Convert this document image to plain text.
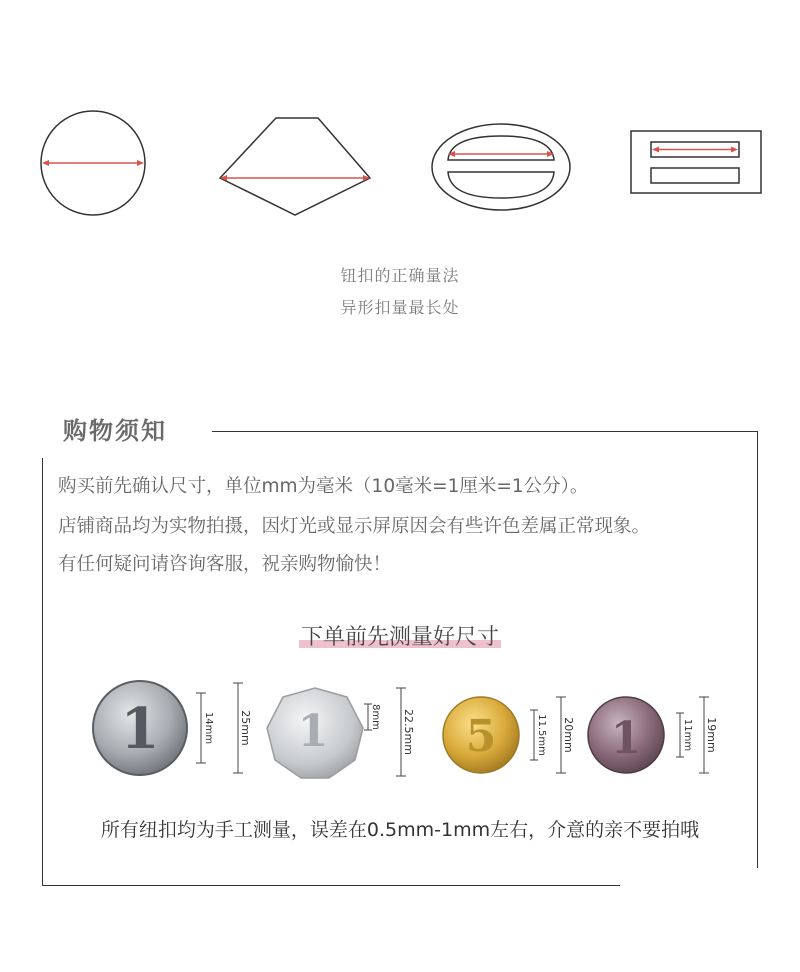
钮扣的正确量法
异形扣量最长处
购物须知
购买前先确认尺寸，单位mm为毫米（10毫米=1厘米=1公分）。
店铺商品均为实物拍摄，因灯光或显示屏原因会有些许色差属正常现象。
有任何疑问请咨询客服，祝亲购物愉快！
下单前先测量好尺寸
1	14mm 25mm 1	8mm 22.5mm 5	11.5mm 20mm 1	11mm 19mm
所有纽扣均为手工测量，误差在0.5mm-1mm左右，介意的亲不要拍哦
